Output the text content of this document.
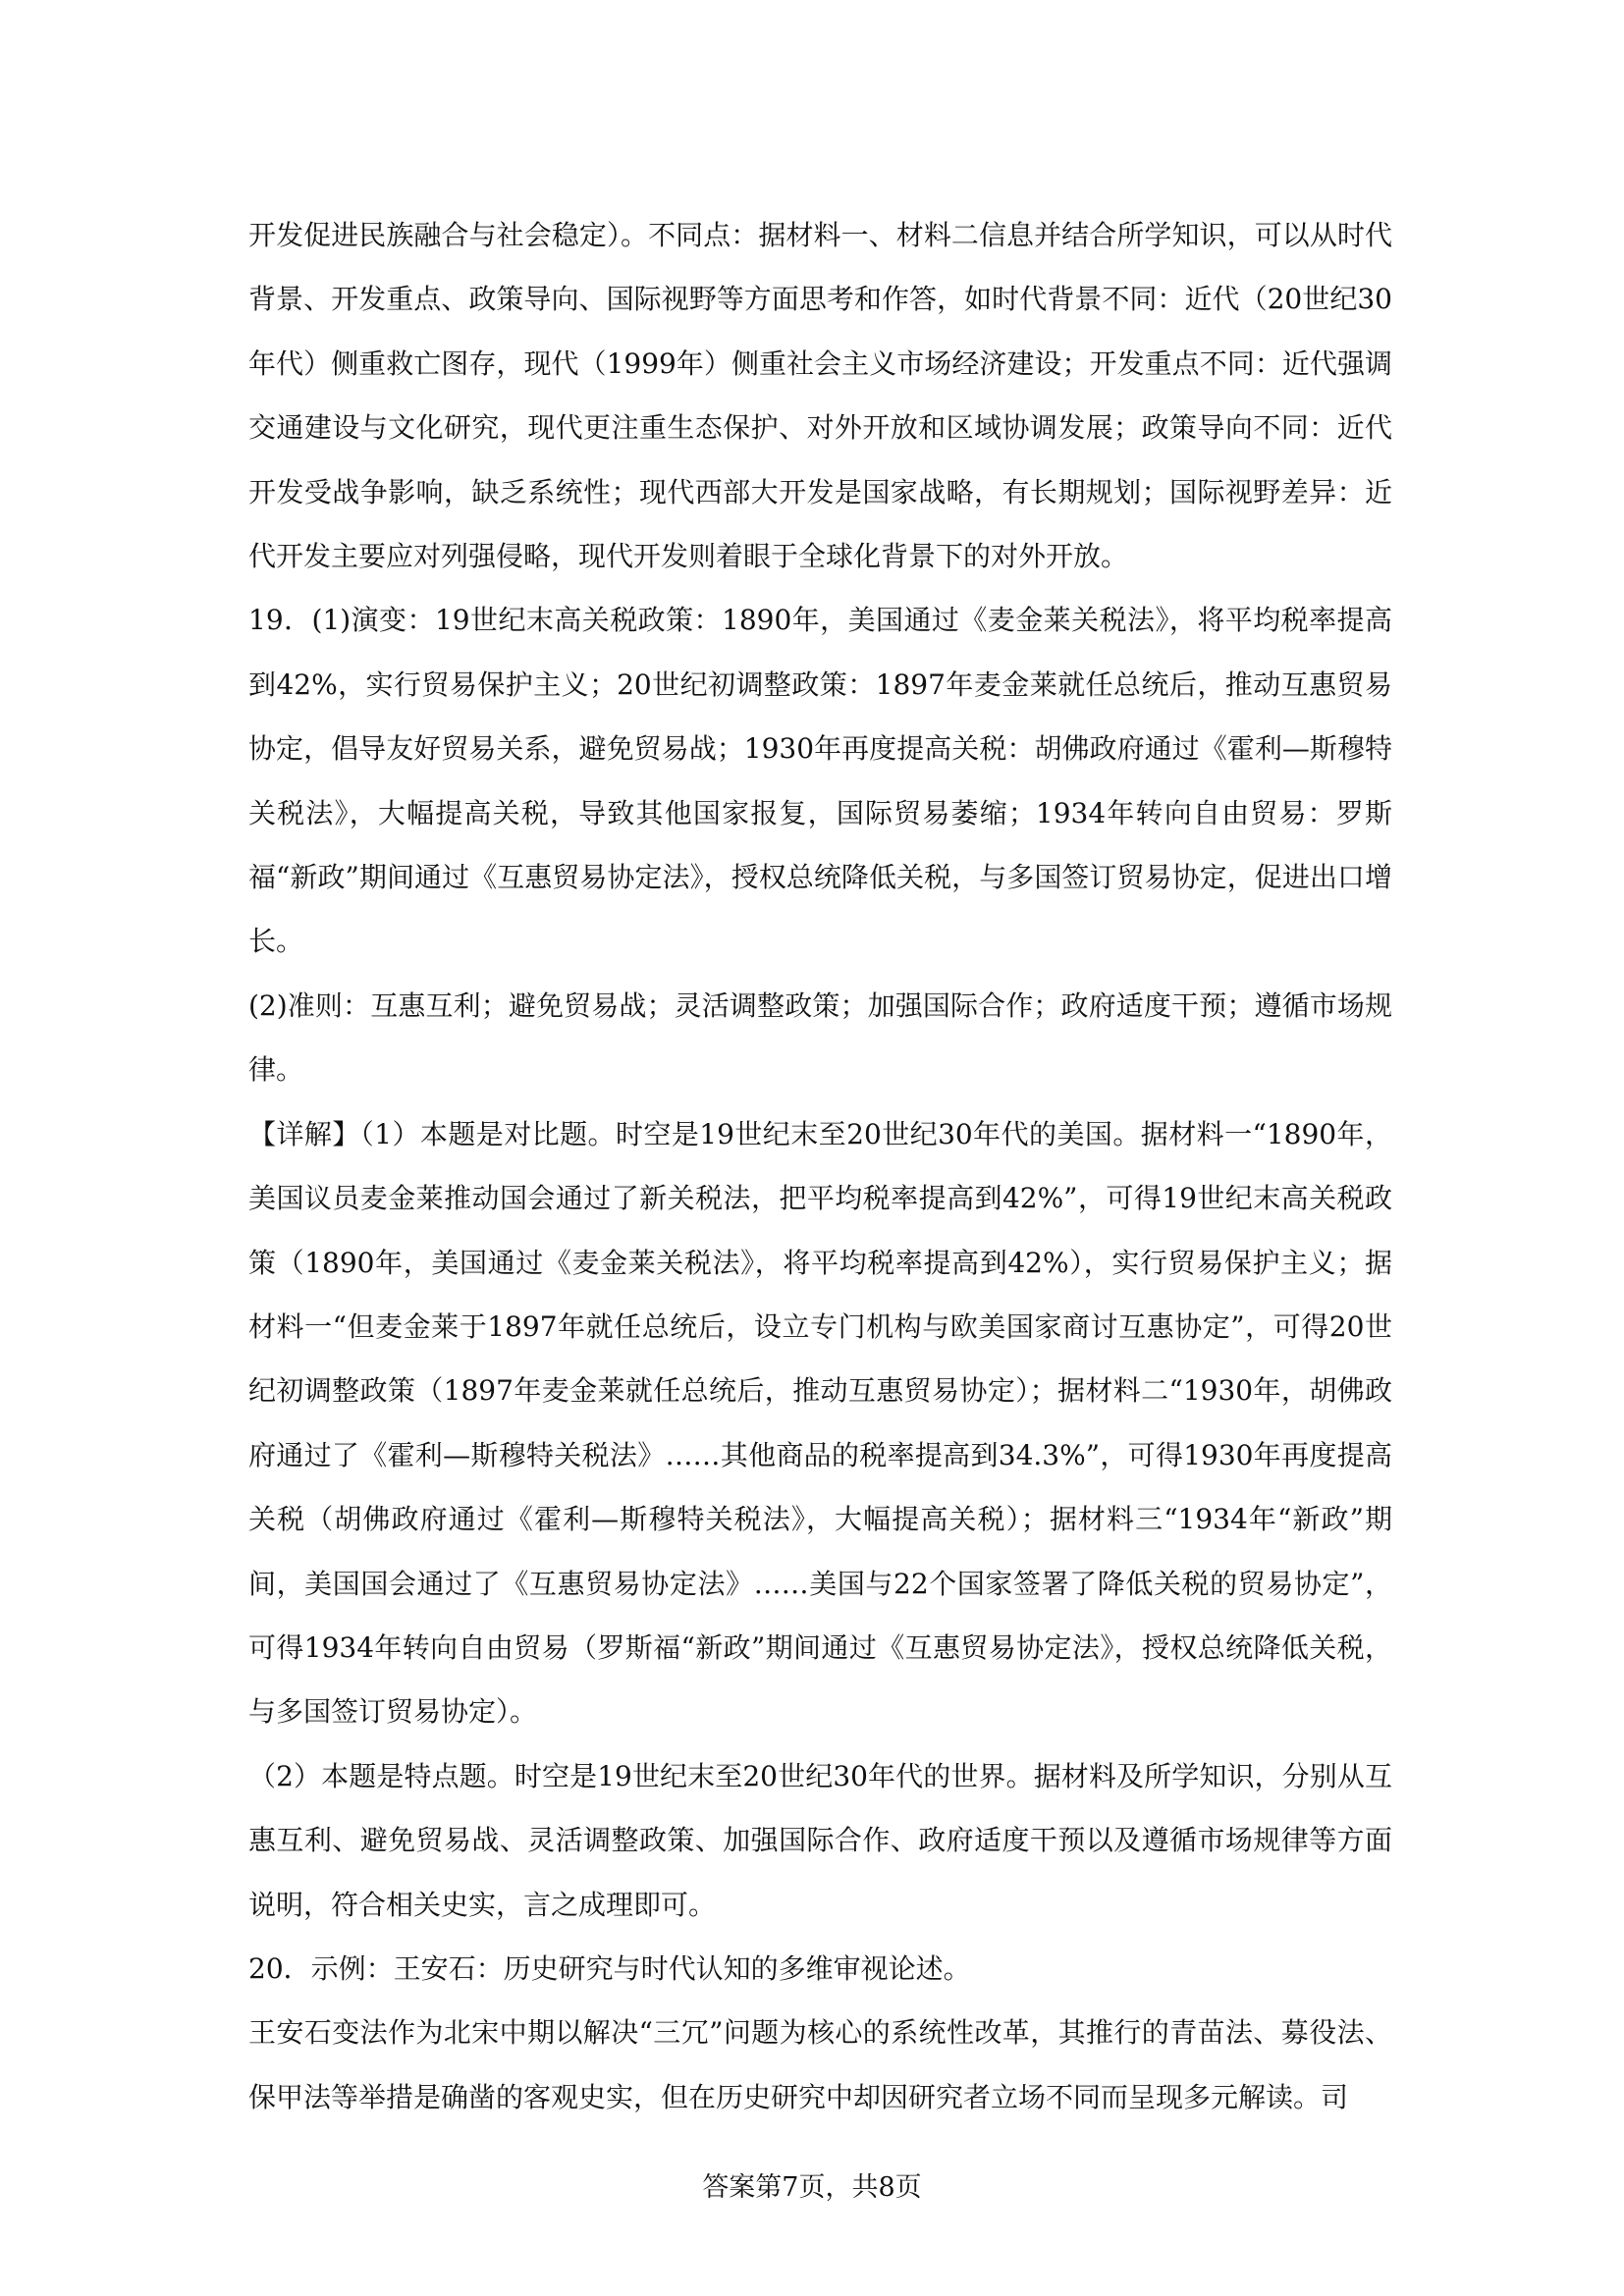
开发促进民族融合与社会稳定）。不同点：据材料一、材料二信息并结合所学知识，可以从时代背景、开发重点、政策导向、国际视野等方面思考和作答，如时代背景不同：近代（20世纪30年代）侧重救亡图存，现代（1999年）侧重社会主义市场经济建设；开发重点不同：近代强调交通建设与文化研究，现代更注重生态保护、对外开放和区域协调发展；政策导向不同：近代开发受战争影响，缺乏系统性；现代西部大开发是国家战略，有长期规划；国际视野差异：近代开发主要应对列强侵略，现代开发则着眼于全球化背景下的对外开放。

19．(1)演变：19世纪末高关税政策：1890年，美国通过《麦金莱关税法》，将平均税率提高到42%，实行贸易保护主义；20世纪初调整政策：1897年麦金莱就任总统后，推动互惠贸易协定，倡导友好贸易关系，避免贸易战；1930年再度提高关税：胡佛政府通过《霍利—斯穆特关税法》，大幅提高关税，导致其他国家报复，国际贸易萎缩；1934年转向自由贸易：罗斯福“新政”期间通过《互惠贸易协定法》，授权总统降低关税，与多国签订贸易协定，促进出口增长。

(2)准则：互惠互利；避免贸易战；灵活调整政策；加强国际合作；政府适度干预；遵循市场规律。

【详解】（1）本题是对比题。时空是19世纪末至20世纪30年代的美国。据材料一“1890年，美国议员麦金莱推动国会通过了新关税法，把平均税率提高到42%”，可得19世纪末高关税政策（1890年，美国通过《麦金莱关税法》，将平均税率提高到42%），实行贸易保护主义；据材料一“但麦金莱于1897年就任总统后，设立专门机构与欧美国家商讨互惠协定”，可得20世纪初调整政策（1897年麦金莱就任总统后，推动互惠贸易协定）；据材料二“1930年，胡佛政府通过了《霍利—斯穆特关税法》……其他商品的税率提高到34.3%”，可得1930年再度提高关税（胡佛政府通过《霍利—斯穆特关税法》，大幅提高关税）；据材料三“1934年“新政”期间，美国国会通过了《互惠贸易协定法》……美国与22个国家签署了降低关税的贸易协定”，可得1934年转向自由贸易（罗斯福“新政”期间通过《互惠贸易协定法》，授权总统降低关税，与多国签订贸易协定）。

（2）本题是特点题。时空是19世纪末至20世纪30年代的世界。据材料及所学知识，分别从互惠互利、避免贸易战、灵活调整政策、加强国际合作、政府适度干预以及遵循市场规律等方面说明，符合相关史实，言之成理即可。

20．示例：王安石：历史研究与时代认知的多维审视论述。

王安石变法作为北宋中期以解决“三冗”问题为核心的系统性改革，其推行的青苗法、募役法、保甲法等举措是确凿的客观史实，但在历史研究中却因研究者立场不同而呈现多元解读。司

答案第7页，共8页
